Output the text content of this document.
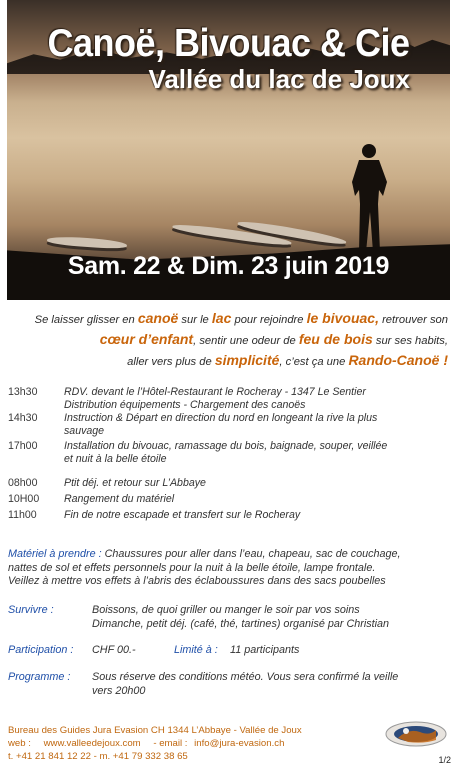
Canoë, Bivouac & Cie
Vallée du lac de Joux

Sam. 22 & Dim. 23 juin 2019

Se laisser glisser en canoë sur le lac pour rejoindre le bivouac, retrouver son
cœur d’enfant, sentir une odeur de feu de bois sur ses habits,
aller vers plus de simplicité, c’est ça une Rando-Canoë !
13h30	RDV. devant le l’Hôtel-Restaurant le Rocheray - 1347 Le Sentier
Distribution équipements - Chargement des canoës
14h30	Instruction & Départ en direction du nord en longeant la rive la plus
sauvage
17h00	Installation du bivouac, ramassage du bois, baignade, souper, veillée
et nuit à la belle étoile
08h00	Ptit déj. et retour sur L’Abbaye
10H00	Rangement du matériel
11h00	Fin de notre escapade et transfert sur le Rocheray
Matériel à prendre : Chaussures pour aller dans l’eau, chapeau, sac de couchage,
nattes de sol et effets personnels pour la nuit à la belle étoile, lampe frontale.
Veillez à mettre vos effets à l’abris des éclaboussures dans des sacs poubelles
Survivre :	Boissons, de quoi griller ou manger le soir par vos soins
Dimanche, petit déj. (café, thé, tartines) organisé par Christian
Participation :	CHF 00.-	Limité à :	11 participants
Programme :	Sous réserve des conditions météo. Vous sera confirmé la veille
vers 20h00
Bureau des Guides Jura Evasion CH 1344 L’Abbaye - Vallée de Joux
web : www.valleedejoux.com - email : info@jura-evasion.ch
t. +41 21 841 12 22 - m. +41 79 332 38 65	1/2
